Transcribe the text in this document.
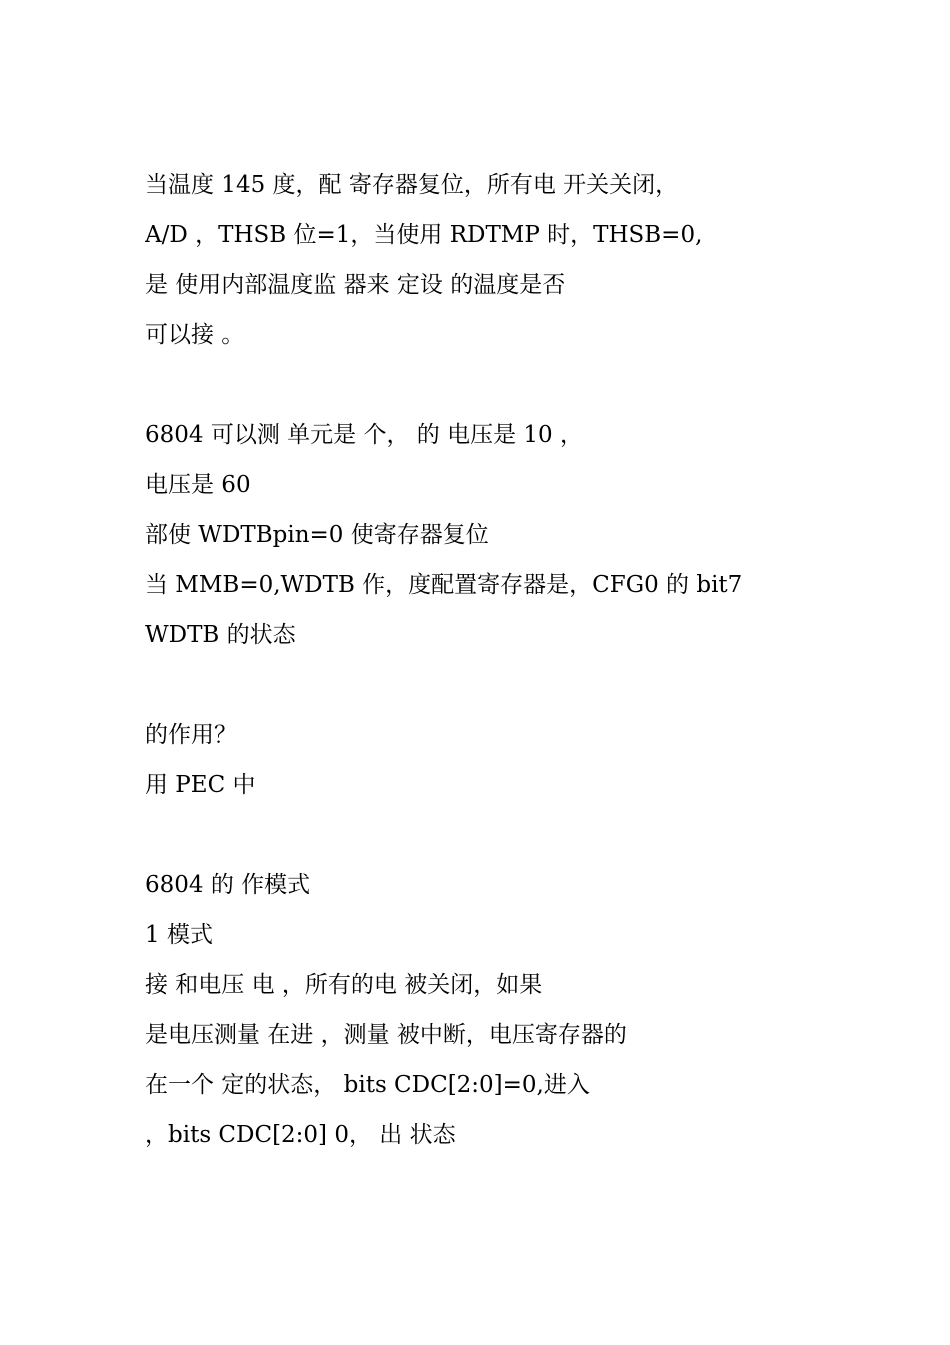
当温度 145 度，配 寄存器复位，所有电 开关关闭，
A/D ，THSB 位=1，当使用 RDTMP 时，THSB=0,
是 使用内部温度监 器来 定设 的温度是否
可以接 。
6804 可以测 单元是 个， 的 电压是 10 ，
电压是 60
部使 WDTBpin=0 使寄存器复位
当 MMB=0,WDTB 作，度配置寄存器是，CFG0 的 bit7
WDTB 的状态
的作用？
用 PEC 中
6804 的 作模式
1 模式
接 和电压 电 ，所有的电 被关闭，如果
是电压测量 在进 ，测量 被中断，电压寄存器的
在一个 定的状态， bits CDC[2:0]=0,进入
，bits CDC[2:0] 0， 出 状态
